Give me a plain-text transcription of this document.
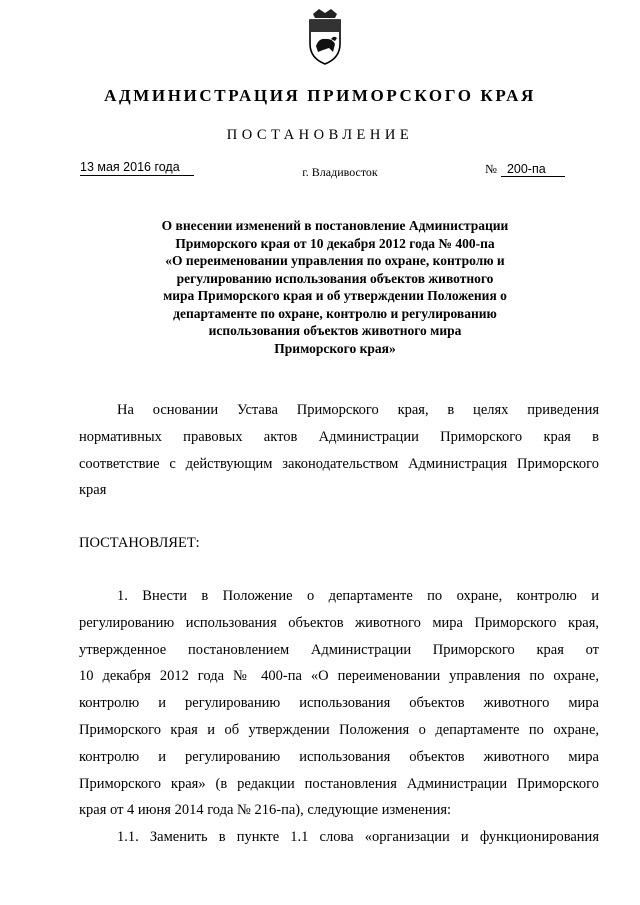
АДМИНИСТРАЦИЯ ПРИМОРСКОГО КРАЯ
ПОСТАНОВЛЕНИЕ
13 мая 2016 года	г. Владивосток	№ 200-па
О внесении изменений в постановление Администрации
Приморского края от 10 декабря 2012 года № 400-па
«О переименовании управления по охране, контролю и
регулированию использования объектов животного
мира Приморского края и об утверждении Положения о
департаменте по охране, контролю и регулированию
использования объектов животного мира
Приморского края»

На основании Устава Приморского края, в целях приведения
нормативных правовых актов Администрации Приморского края в
соответствие с действующим законодательством Администрация Приморского
края

ПОСТАНОВЛЯЕТ:

1. Внести в Положение о департаменте по охране, контролю и
регулированию использования объектов животного мира Приморского края,
утвержденное постановлением Администрации Приморского края от
10 декабря 2012 года № 400-па «О переименовании управления по охране,
контролю и регулированию использования объектов животного мира
Приморского края и об утверждении Положения о департаменте по охране,
контролю и регулированию использования объектов животного мира
Приморского края» (в редакции постановления Администрации Приморского
края от 4 июня 2014 года № 216-па), следующие изменения:
1.1. Заменить в пункте 1.1 слова «организации и функционирования
